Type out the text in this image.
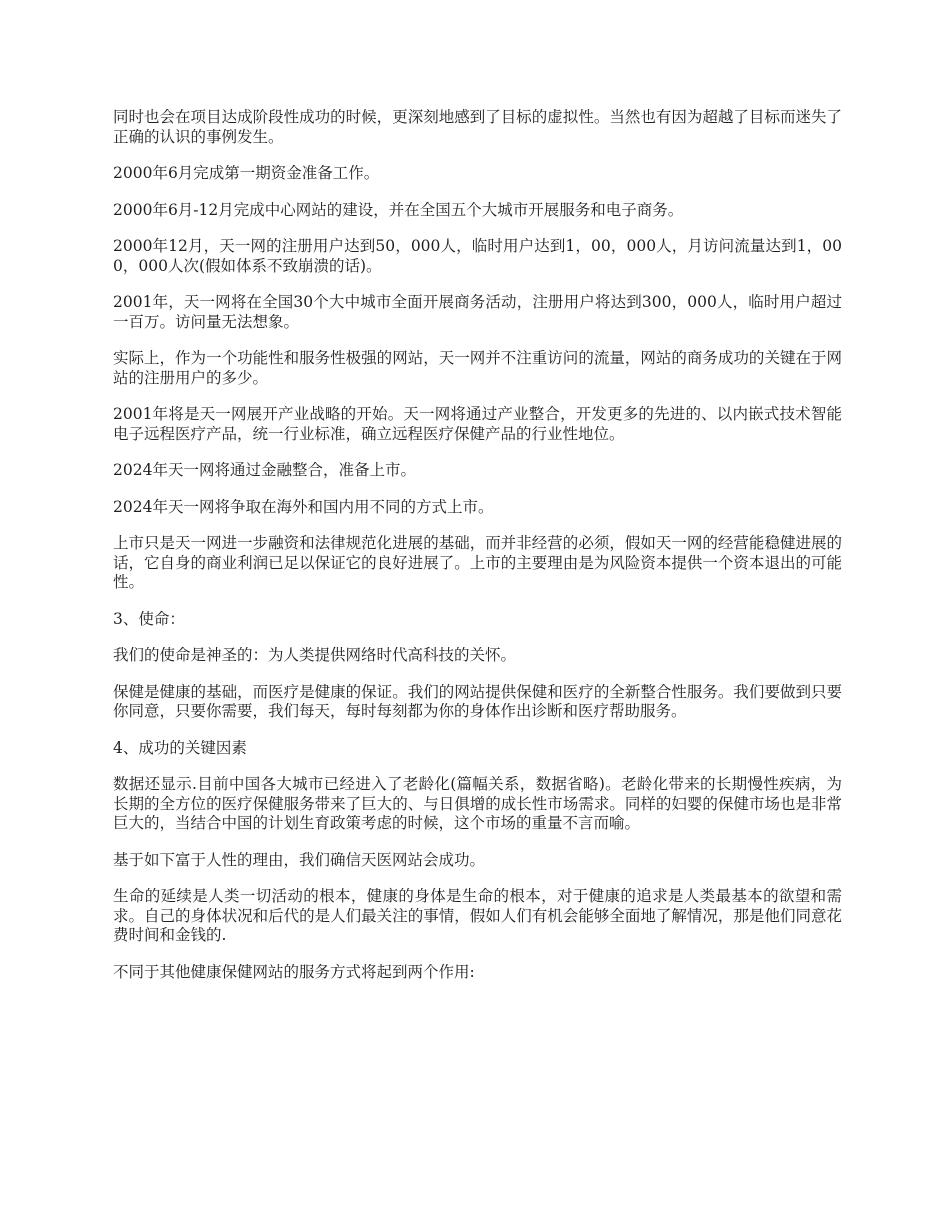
同时也会在项目达成阶段性成功的时候，更深刻地感到了目标的虚拟性。当然也有因为超越了目标而迷失了正确的认识的事例发生。

2000年6月完成第一期资金准备工作。

2000年6月-12月完成中心网站的建设，并在全国五个大城市开展服务和电子商务。

2000年12月，天一网的注册用户达到50，000人，临时用户达到1，00，000人，月访问流量达到1，000，000人次(假如体系不致崩溃的话)。

2001年，天一网将在全国30个大中城市全面开展商务活动，注册用户将达到300，000人，临时用户超过一百万。访问量无法想象。

实际上，作为一个功能性和服务性极强的网站，天一网并不注重访问的流量，网站的商务成功的关键在于网站的注册用户的多少。

2001年将是天一网展开产业战略的开始。天一网将通过产业整合，开发更多的先进的、以内嵌式技术智能电子远程医疗产品，统一行业标准，确立远程医疗保健产品的行业性地位。

2024年天一网将通过金融整合，准备上市。

2024年天一网将争取在海外和国内用不同的方式上市。

上市只是天一网进一步融资和法律规范化进展的基础，而并非经营的必须，假如天一网的经营能稳健进展的话，它自身的商业利润已足以保证它的良好进展了。上市的主要理由是为风险资本提供一个资本退出的可能性。

3、使命：

我们的使命是神圣的：为人类提供网络时代高科技的关怀。

保健是健康的基础，而医疗是健康的保证。我们的网站提供保健和医疗的全新整合性服务。我们要做到只要你同意，只要你需要，我们每天，每时每刻都为你的身体作出诊断和医疗帮助服务。

4、成功的关键因素

数据还显示.目前中国各大城市已经进入了老龄化(篇幅关系，数据省略)。老龄化带来的长期慢性疾病，为长期的全方位的医疗保健服务带来了巨大的、与日俱增的成长性市场需求。同样的妇婴的保健市场也是非常巨大的，当结合中国的计划生育政策考虑的时候，这个市场的重量不言而喻。

基于如下富于人性的理由，我们确信天医网站会成功。

生命的延续是人类一切活动的根本，健康的身体是生命的根本，对于健康的追求是人类最基本的欲望和需求。自己的身体状况和后代的是人们最关注的事情，假如人们有机会能够全面地了解情况，那是他们同意花费时间和金钱的.

不同于其他健康保健网站的服务方式将起到两个作用:
